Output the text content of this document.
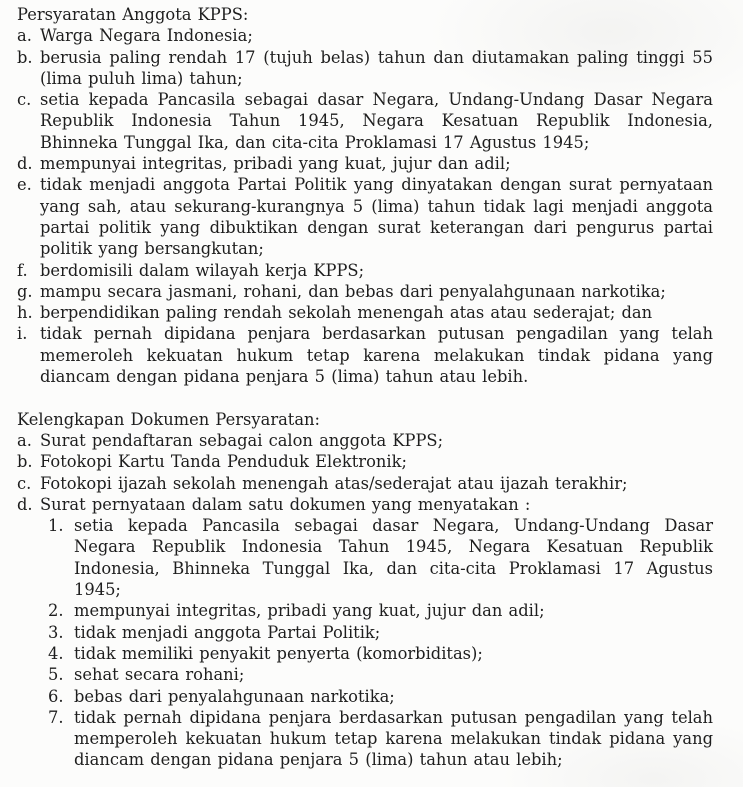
Persyaratan Anggota KPPS:
a. Warga Negara Indonesia;
b. berusia paling rendah 17 (tujuh belas) tahun dan diutamakan paling tinggi 55 (lima puluh lima) tahun;
c. setia kepada Pancasila sebagai dasar Negara, Undang-Undang Dasar Negara Republik Indonesia Tahun 1945, Negara Kesatuan Republik Indonesia, Bhinneka Tunggal Ika, dan cita-cita Proklamasi 17 Agustus 1945;
d. mempunyai integritas, pribadi yang kuat, jujur dan adil;
e. tidak menjadi anggota Partai Politik yang dinyatakan dengan surat pernyataan yang sah, atau sekurang-kurangnya 5 (lima) tahun tidak lagi menjadi anggota partai politik yang dibuktikan dengan surat keterangan dari pengurus partai politik yang bersangkutan;
f. berdomisili dalam wilayah kerja KPPS;
g. mampu secara jasmani, rohani, dan bebas dari penyalahgunaan narkotika;
h. berpendidikan paling rendah sekolah menengah atas atau sederajat; dan
i. tidak pernah dipidana penjara berdasarkan putusan pengadilan yang telah memeroleh kekuatan hukum tetap karena melakukan tindak pidana yang diancam dengan pidana penjara 5 (lima) tahun atau lebih.
Kelengkapan Dokumen Persyaratan:
a. Surat pendaftaran sebagai calon anggota KPPS;
b. Fotokopi Kartu Tanda Penduduk Elektronik;
c. Fotokopi ijazah sekolah menengah atas/sederajat atau ijazah terakhir;
d. Surat pernyataan dalam satu dokumen yang menyatakan :
1. setia kepada Pancasila sebagai dasar Negara, Undang-Undang Dasar Negara Republik Indonesia Tahun 1945, Negara Kesatuan Republik Indonesia, Bhinneka Tunggal Ika, dan cita-cita Proklamasi 17 Agustus 1945;
2. mempunyai integritas, pribadi yang kuat, jujur dan adil;
3. tidak menjadi anggota Partai Politik;
4. tidak memiliki penyakit penyerta (komorbiditas);
5. sehat secara rohani;
6. bebas dari penyalahgunaan narkotika;
7. tidak pernah dipidana penjara berdasarkan putusan pengadilan yang telah memperoleh kekuatan hukum tetap karena melakukan tindak pidana yang diancam dengan pidana penjara 5 (lima) tahun atau lebih;
